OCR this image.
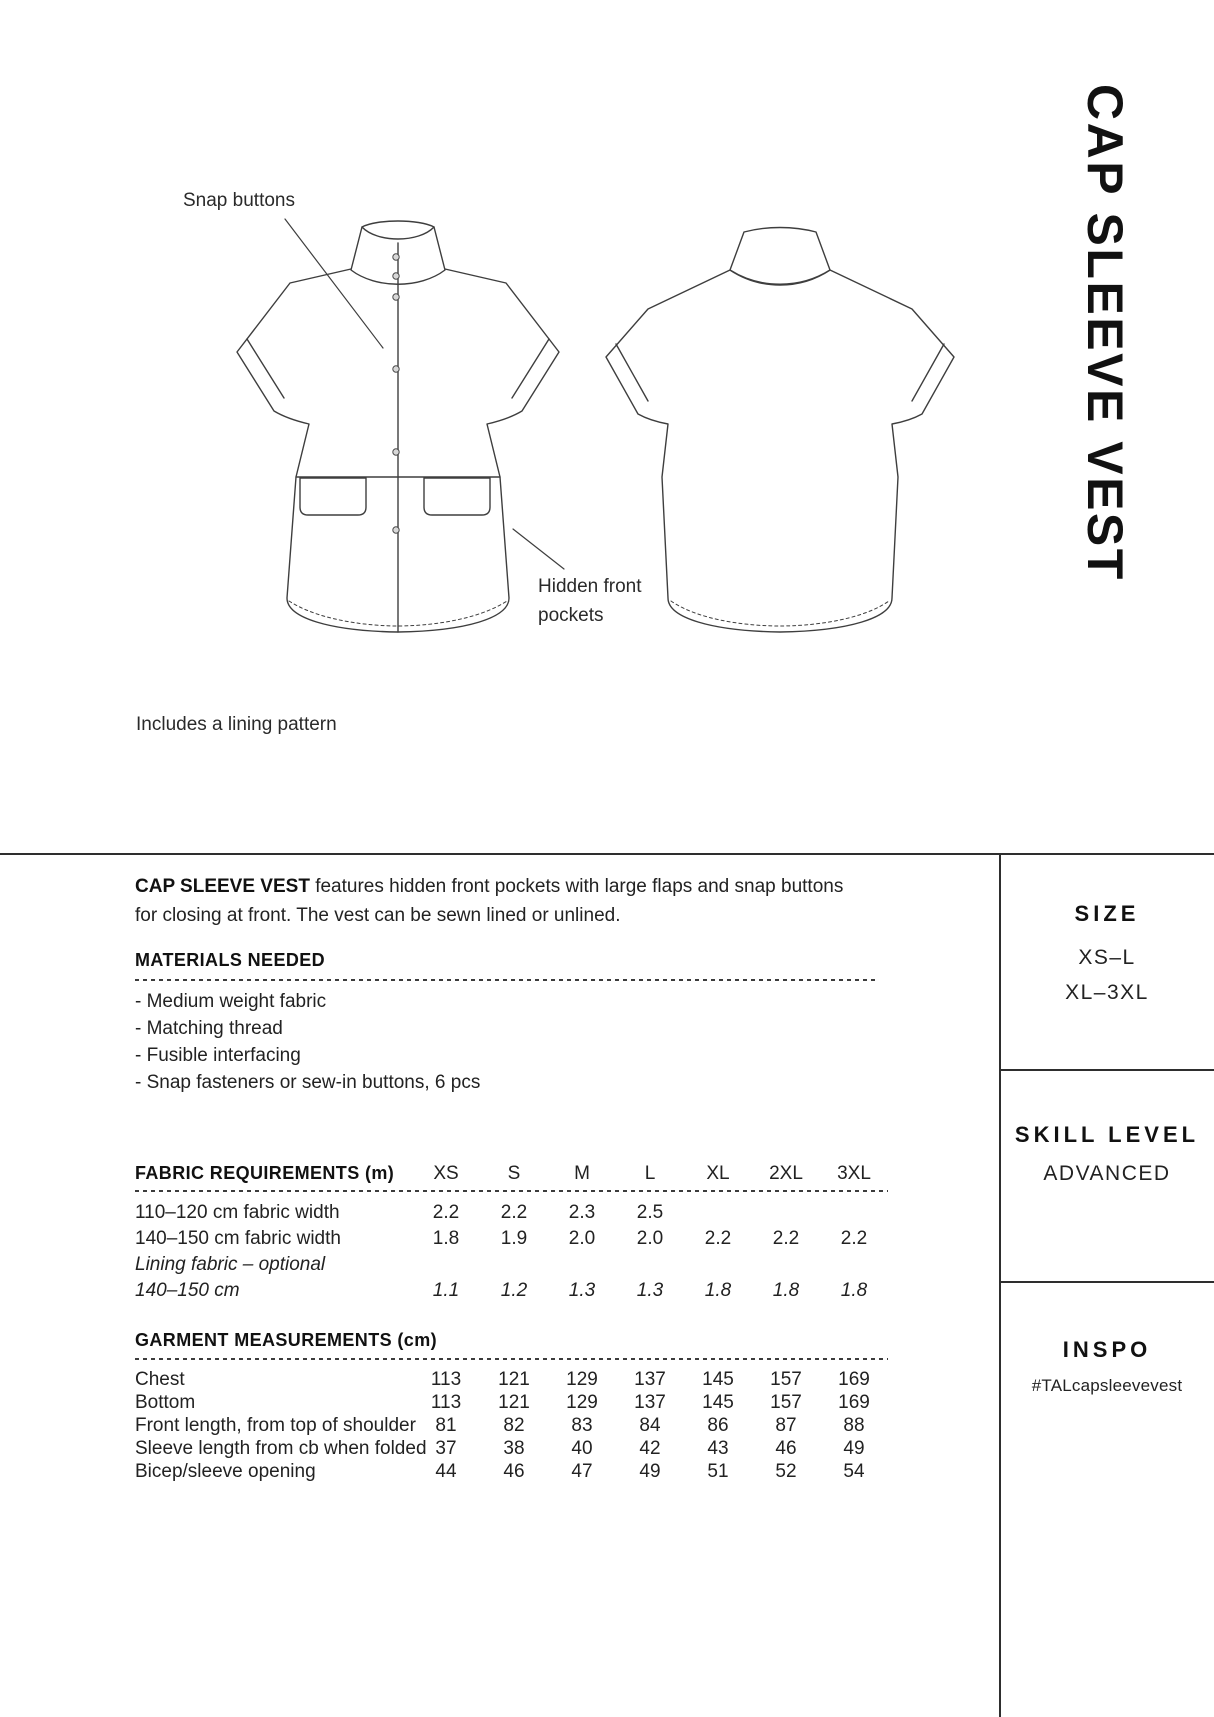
Snap buttons
Hidden front
pockets
Includes a lining pattern
CAP SLEEVE VEST
CAP SLEEVE VEST features hidden front pockets with large flaps and snap buttons
for closing at front. The vest can be sewn lined or unlined.
MATERIALS NEEDED
- Medium weight fabric
- Matching thread
- Fusible interfacing
- Snap fasteners or sew-in buttons, 6 pcs
FABRIC REQUIREMENTS (m)	XS	S	M	L	XL	2XL	3XL
110–120 cm fabric width	2.2	2.2	2.3	2.5
140–150 cm fabric width	1.8	1.9	2.0	2.0	2.2	2.2	2.2
Lining fabric – optional
140–150 cm	1.1	1.2	1.3	1.3	1.8	1.8	1.8
GARMENT MEASUREMENTS (cm)
Chest	113	121	129	137	145	157	169
Bottom	113	121	129	137	145	157	169
Front length, from top of shoulder	81	82	83	84	86	87	88
Sleeve length from cb when folded 37	38	40	42	43	46	49
Bicep/sleeve opening	44	46	47	49	51	52	54
SIZE
XS–L
XL–3XL
SKILL LEVEL
ADVANCED
INSPO
#TALcapsleevevest
